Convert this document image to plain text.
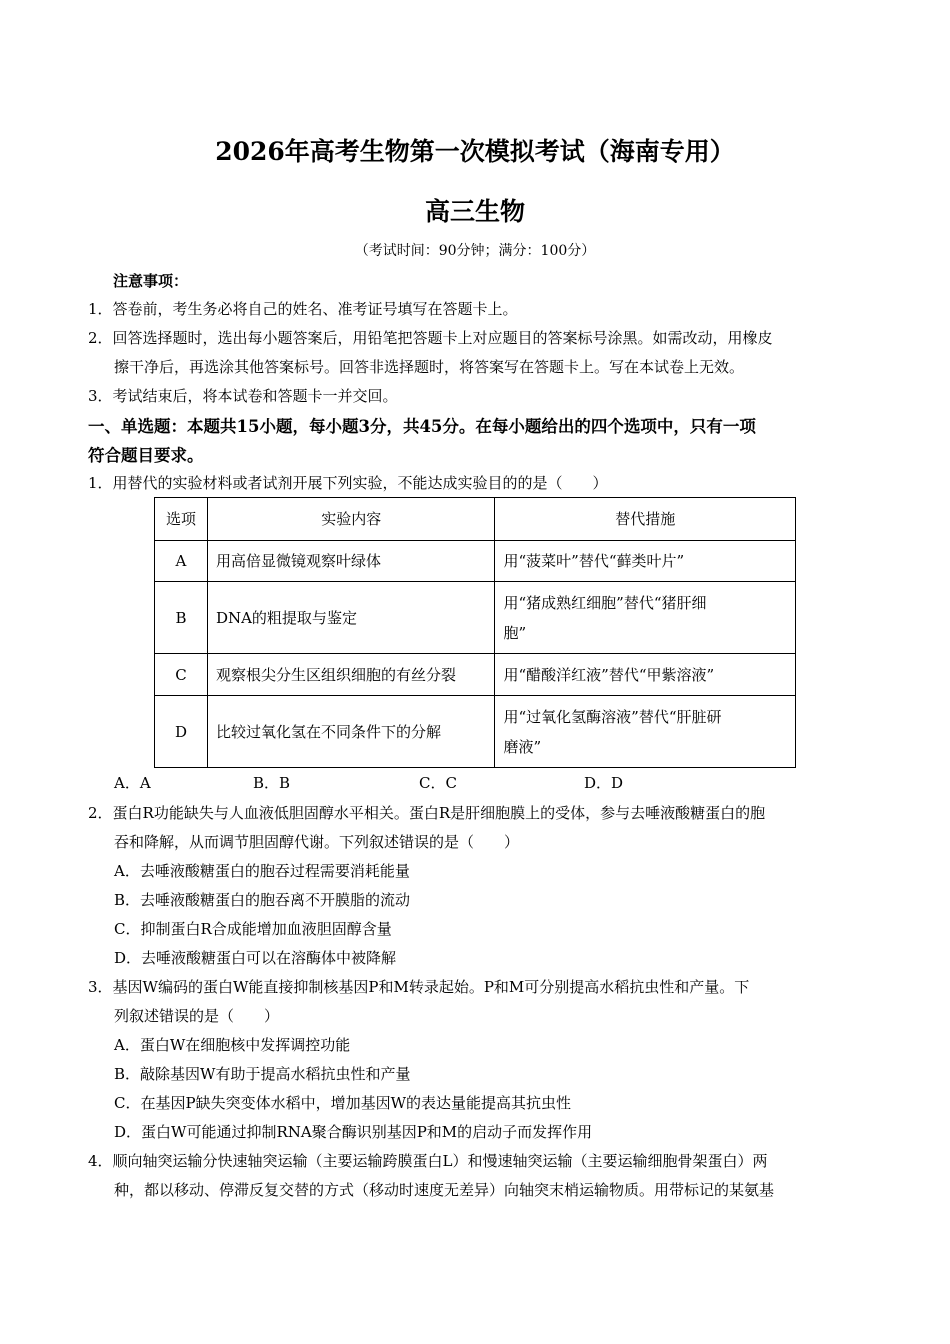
2026年高考生物第一次模拟考试（海南专用）
高三生物
（考试时间：90分钟；满分：100分）
注意事项：
1．答卷前，考生务必将自己的姓名、准考证号填写在答题卡上。
2．回答选择题时，选出每小题答案后，用铅笔把答题卡上对应题目的答案标号涂黑。如需改动，用橡皮
擦干净后，再选涂其他答案标号。回答非选择题时，将答案写在答题卡上。写在本试卷上无效。
3．考试结束后，将本试卷和答题卡一并交回。
一、单选题：本题共15小题，每小题3分，共45分。在每小题给出的四个选项中，只有一项
符合题目要求。
1．用替代的实验材料或者试剂开展下列实验，不能达成实验目的的是（　　）
选项	实验内容	替代措施
A	用高倍显微镜观察叶绿体	用“菠菜叶”替代“藓类叶片”
B	DNA的粗提取与鉴定	用“猪成熟红细胞”替代“猪肝细
胞”

C	观察根尖分生区组织细胞的有丝分裂	用“醋酸洋红液”替代“甲紫溶液”
D	比较过氧化氢在不同条件下的分解	用“过氧化氢酶溶液”替代“肝脏研
磨液”
A．A	B．B	C．C	D．D
2．蛋白R功能缺失与人血液低胆固醇水平相关。蛋白R是肝细胞膜上的受体，参与去唾液酸糖蛋白的胞
吞和降解，从而调节胆固醇代谢。下列叙述错误的是（　　）
A．去唾液酸糖蛋白的胞吞过程需要消耗能量
B．去唾液酸糖蛋白的胞吞离不开膜脂的流动
C．抑制蛋白R合成能增加血液胆固醇含量
D．去唾液酸糖蛋白可以在溶酶体中被降解
3．基因W编码的蛋白W能直接抑制核基因P和M转录起始。P和M可分别提高水稻抗虫性和产量。下
列叙述错误的是（　　）
A．蛋白W在细胞核中发挥调控功能
B．敲除基因W有助于提高水稻抗虫性和产量
C．在基因P缺失突变体水稻中，增加基因W的表达量能提高其抗虫性
D．蛋白W可能通过抑制RNA聚合酶识别基因P和M的启动子而发挥作用
4．顺向轴突运输分快速轴突运输（主要运输跨膜蛋白L）和慢速轴突运输（主要运输细胞骨架蛋白）两
种，都以移动、停滞反复交替的方式（移动时速度无差异）向轴突末梢运输物质。用带标记的某氨基
